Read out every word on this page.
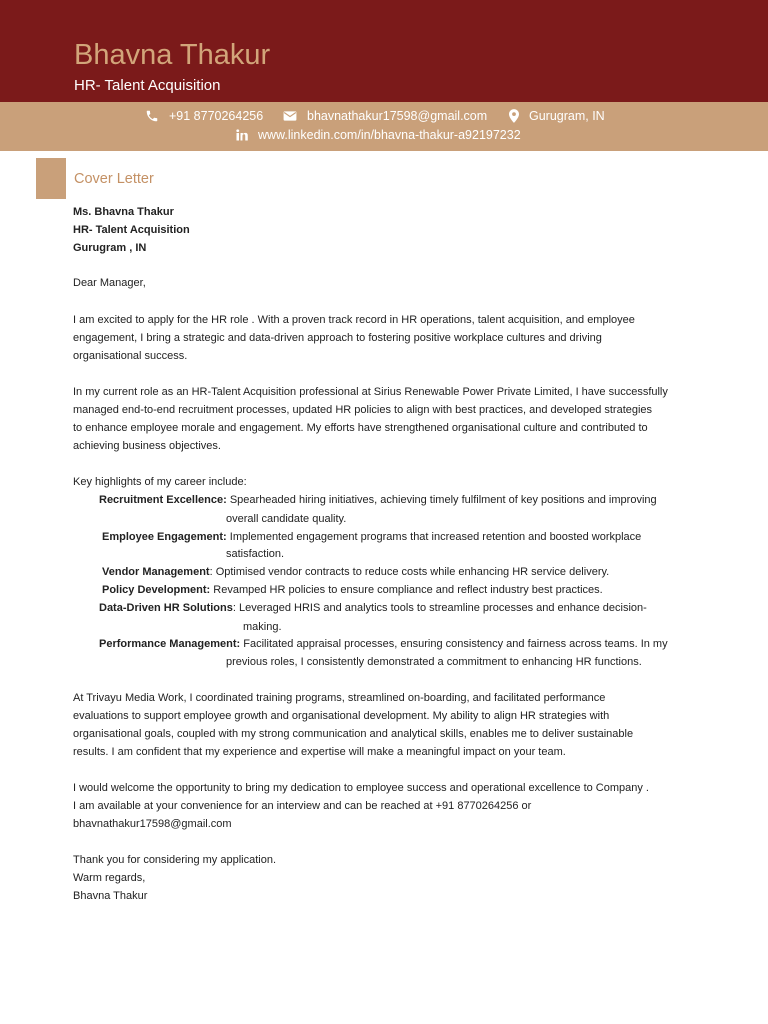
Bhavna Thakur
HR- Talent Acquisition
+91 8770264256	bhavnathakur17598@gmail.com	Gurugram, IN
www.linkedin.com/in/bhavna-thakur-a92197232
Cover Letter
Ms. Bhavna Thakur
HR- Talent Acquisition
Gurugram , IN
Dear Manager,
I am excited to apply for the HR role . With a proven track record in HR operations, talent acquisition, and employee
engagement, I bring a strategic and data-driven approach to fostering positive workplace cultures and driving
organisational success.
In my current role as an HR-Talent Acquisition professional at Sirius Renewable Power Private Limited, I have successfully
managed end-to-end recruitment processes, updated HR policies to align with best practices, and developed strategies
to enhance employee morale and engagement. My efforts have strengthened organisational culture and contributed to
achieving business objectives.
Key highlights of my career include:
Recruitment Excellence: Spearheaded hiring initiatives, achieving timely fulfilment of key positions and improving
overall candidate quality.
Employee Engagement: Implemented engagement programs that increased retention and boosted workplace
satisfaction.
Vendor Management: Optimised vendor contracts to reduce costs while enhancing HR service delivery.
Policy Development: Revamped HR policies to ensure compliance and reflect industry best practices.
Data-Driven HR Solutions: Leveraged HRIS and analytics tools to streamline processes and enhance decision-
making.
Performance Management: Facilitated appraisal processes, ensuring consistency and fairness across teams. In my
previous roles, I consistently demonstrated a commitment to enhancing HR functions.
At Trivayu Media Work, I coordinated training programs, streamlined on-boarding, and facilitated performance
evaluations to support employee growth and organisational development. My ability to align HR strategies with
organisational goals, coupled with my strong communication and analytical skills, enables me to deliver sustainable
results. I am confident that my experience and expertise will make a meaningful impact on your team.
I would welcome the opportunity to bring my dedication to employee success and operational excellence to Company .
I am available at your convenience for an interview and can be reached at +91 8770264256 or
bhavnathakur17598@gmail.com
Thank you for considering my application.
Warm regards,
Bhavna Thakur
